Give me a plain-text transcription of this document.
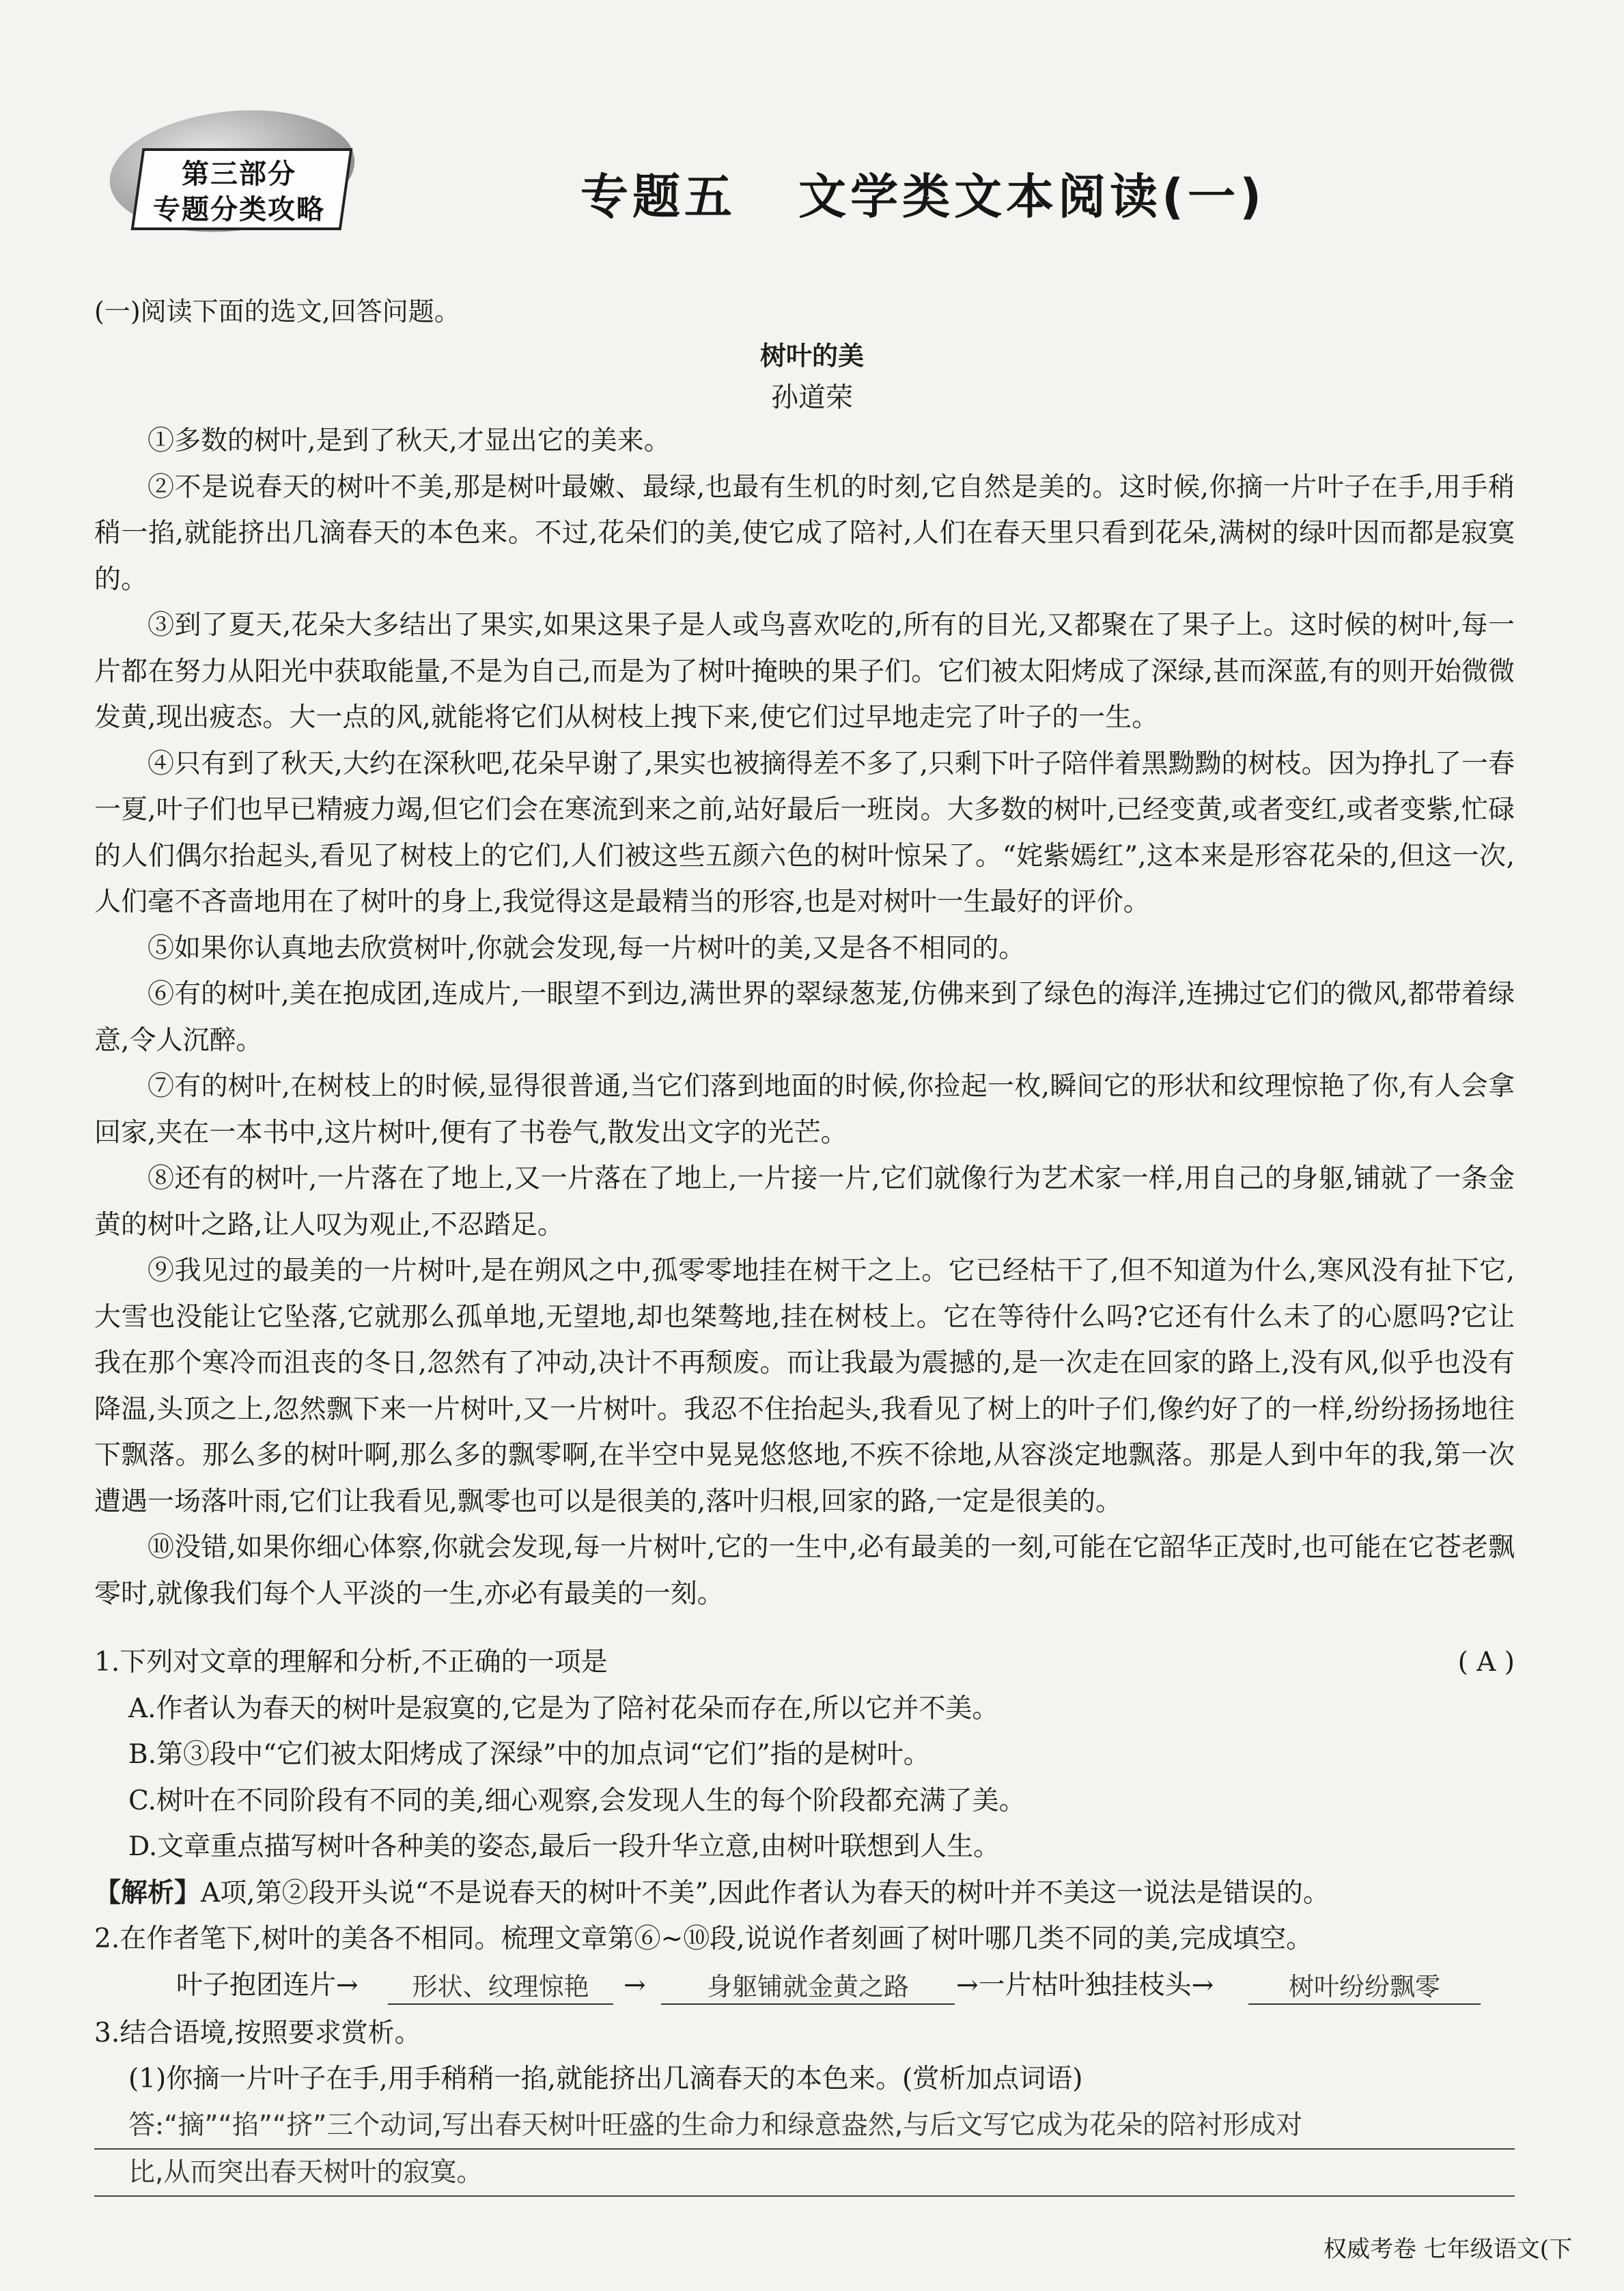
第三部分
专题分类攻略	专题五   文学类文本阅读(一)
(一)阅读下面的选文,回答问题。
树叶的美
孙道荣

①多数的树叶,是到了秋天,才显出它的美来。

②不是说春天的树叶不美,那是树叶最嫩、最绿,也最有生机的时刻,它自然是美的。这时候,你摘一片叶子在手,用手稍稍一掐,就能挤出几滴春天的本色来。不过,花朵们的美,使它成了陪衬,人们在春天里只看到花朵,满树的绿叶因而都是寂寞的。

③到了夏天,花朵大多结出了果实,如果这果子是人或鸟喜欢吃的,所有的目光,又都聚在了果子上。这时候的树叶,每一片都在努力从阳光中获取能量,不是为自己,而是为了树叶掩映的果子们。它们被太阳烤成了深绿,甚而深蓝,有的则开始微微发黄,现出疲态。大一点的风,就能将它们从树枝上拽下来,使它们过早地走完了叶子的一生。

④只有到了秋天,大约在深秋吧,花朵早谢了,果实也被摘得差不多了,只剩下叶子陪伴着黑黝黝的树枝。因为挣扎了一春一夏,叶子们也早已精疲力竭,但它们会在寒流到来之前,站好最后一班岗。大多数的树叶,已经变黄,或者变红,或者变紫,忙碌的人们偶尔抬起头,看见了树枝上的它们,人们被这些五颜六色的树叶惊呆了。“姹紫嫣红”,这本来是形容花朵的,但这一次,人们毫不吝啬地用在了树叶的身上,我觉得这是最精当的形容,也是对树叶一生最好的评价。

⑤如果你认真地去欣赏树叶,你就会发现,每一片树叶的美,又是各不相同的。

⑥有的树叶,美在抱成团,连成片,一眼望不到边,满世界的翠绿葱茏,仿佛来到了绿色的海洋,连拂过它们的微风,都带着绿意,令人沉醉。

⑦有的树叶,在树枝上的时候,显得很普通,当它们落到地面的时候,你捡起一枚,瞬间它的形状和纹理惊艳了你,有人会拿回家,夹在一本书中,这片树叶,便有了书卷气,散发出文字的光芒。

⑧还有的树叶,一片落在了地上,又一片落在了地上,一片接一片,它们就像行为艺术家一样,用自己的身躯,铺就了一条金黄的树叶之路,让人叹为观止,不忍踏足。

⑨我见过的最美的一片树叶,是在朔风之中,孤零零地挂在树干之上。它已经枯干了,但不知道为什么,寒风没有扯下它,大雪也没能让它坠落,它就那么孤单地,无望地,却也桀骜地,挂在树枝上。它在等待什么吗?它还有什么未了的心愿吗?它让我在那个寒冷而沮丧的冬日,忽然有了冲动,决计不再颓废。而让我最为震撼的,是一次走在回家的路上,没有风,似乎也没有降温,头顶之上,忽然飘下来一片树叶,又一片树叶。我忍不住抬起头,我看见了树上的叶子们,像约好了的一样,纷纷扬扬地往下飘落。那么多的树叶啊,那么多的飘零啊,在半空中晃晃悠悠地,不疾不徐地,从容淡定地飘落。那是人到中年的我,第一次遭遇一场落叶雨,它们让我看见,飘零也可以是很美的,落叶归根,回家的路,一定是很美的。

⑩没错,如果你细心体察,你就会发现,每一片树叶,它的一生中,必有最美的一刻,可能在它韶华正茂时,也可能在它苍老飘零时,就像我们每个人平淡的一生,亦必有最美的一刻。

1.下列对文章的理解和分析,不正确的一项是	( A )
A.作者认为春天的树叶是寂寞的,它是为了陪衬花朵而存在,所以它并不美。
B.第③段中“它们被太阳烤成了深绿”中的加点词“它们”指的是树叶。
C.树叶在不同阶段有不同的美,细心观察,会发现人生的每个阶段都充满了美。
D.文章重点描写树叶各种美的姿态,最后一段升华立意,由树叶联想到人生。
【解析】A项,第②段开头说“不是说春天的树叶不美”,因此作者认为春天的树叶并不美这一说法是错误的。
2.在作者笔下,树叶的美各不相同。梳理文章第⑥~⑩段,说说作者刻画了树叶哪几类不同的美,完成填空。
叶子抱团连片→	形状、纹理惊艳	→	身躯铺就金黄之路	→一片枯叶独挂枝头→	树叶纷纷飘零
3.结合语境,按照要求赏析。
(1)你摘一片叶子在手,用手稍稍一掐,就能挤出几滴春天的本色来。(赏析加点词语)
答:“摘”“掐”“挤”三个动词,写出春天树叶旺盛的生命力和绿意盎然,与后文写它成为花朵的陪衬形成对
比,从而突出春天树叶的寂寞。
权威考卷 七年级语文(下
